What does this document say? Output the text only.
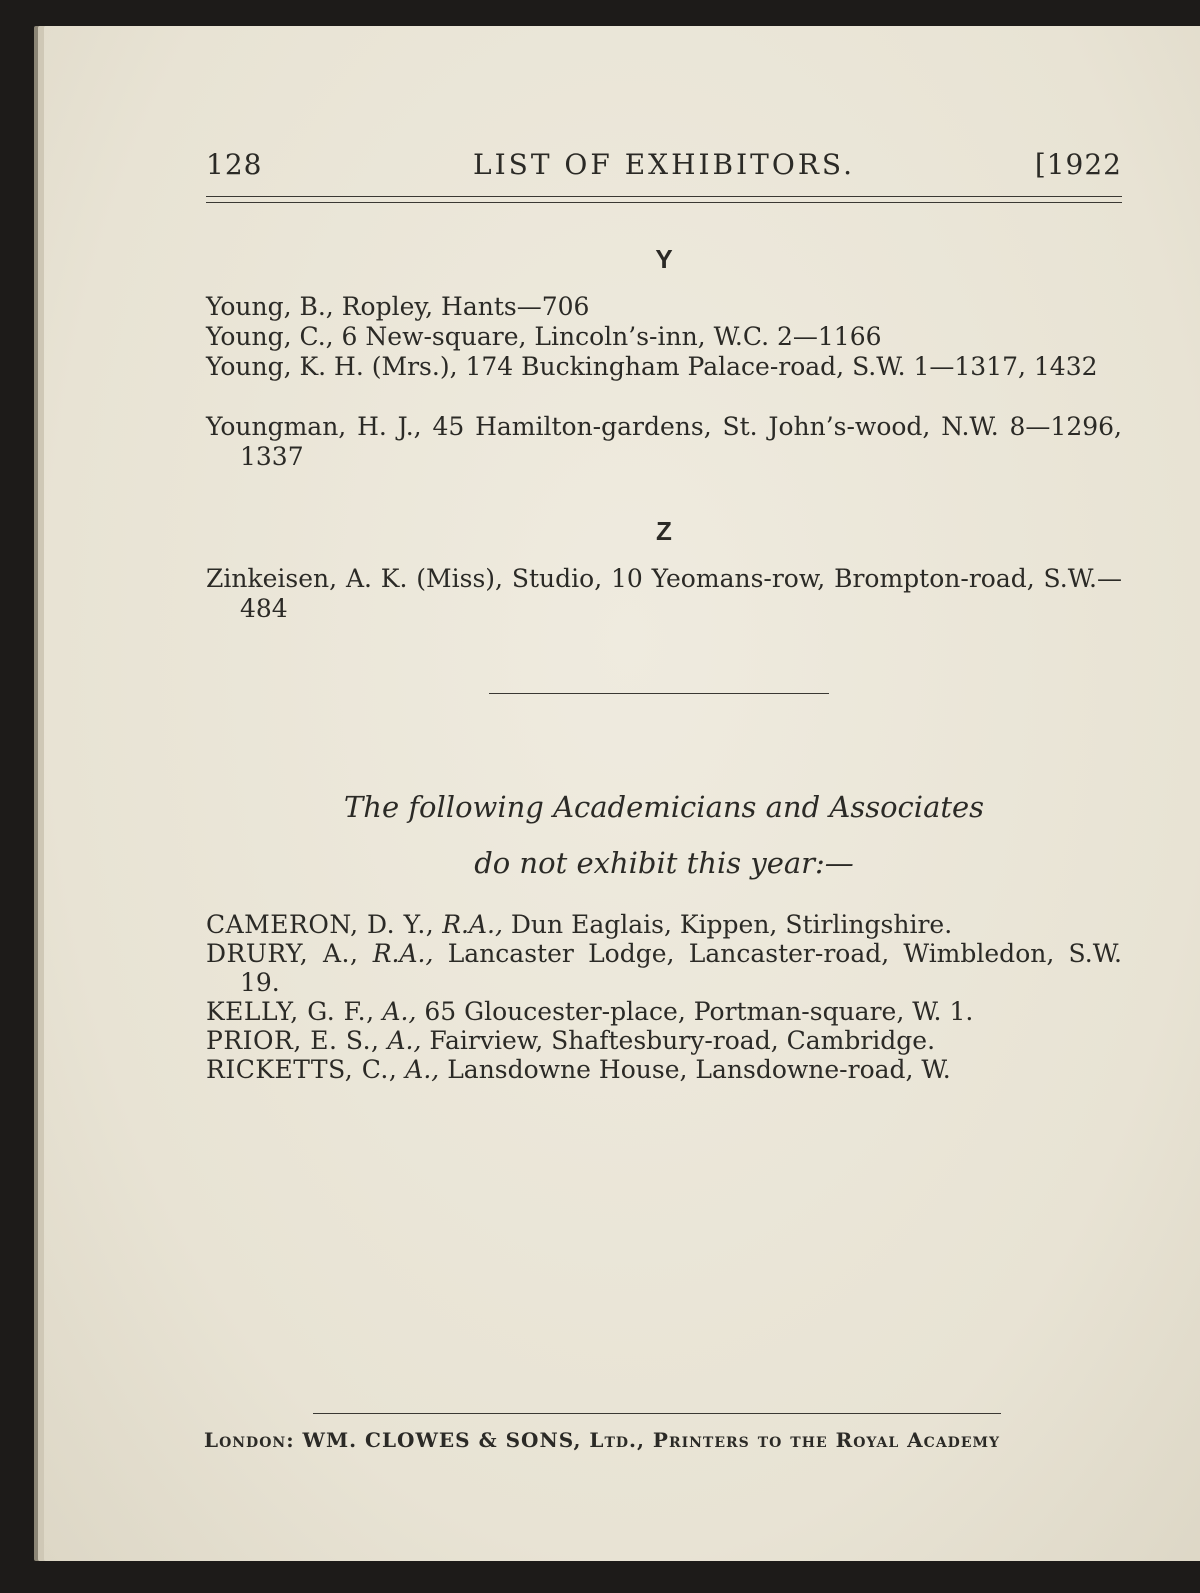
128	LIST OF EXHIBITORS.	[1922
Y
Young, B., Ropley, Hants—706
Young, C., 6 New-square, Lincoln’s-inn, W.C. 2—1166
Young, K. H. (Mrs.), 174 Buckingham Palace-road, S.W. 1—1317, 1432
Youngman, H. J., 45 Hamilton-gardens, St. John’s-wood, N.W. 8—1296, 1337
Z
Zinkeisen, A. K. (Miss), Studio, 10 Yeomans-row, Brompton-road, S.W.—484
The following Academicians and Associates
do not exhibit this year:—
CAMERON, D. Y., R.A., Dun Eaglais, Kippen, Stirlingshire.
DRURY, A., R.A., Lancaster Lodge, Lancaster-road, Wimbledon, S.W. 19.
KELLY, G. F., A., 65 Gloucester-place, Portman-square, W. 1.
PRIOR, E. S., A., Fairview, Shaftesbury-road, Cambridge.
RICKETTS, C., A., Lansdowne House, Lansdowne-road, W.
London: WM. CLOWES & SONS, Ltd., Printers to the Royal Academy
